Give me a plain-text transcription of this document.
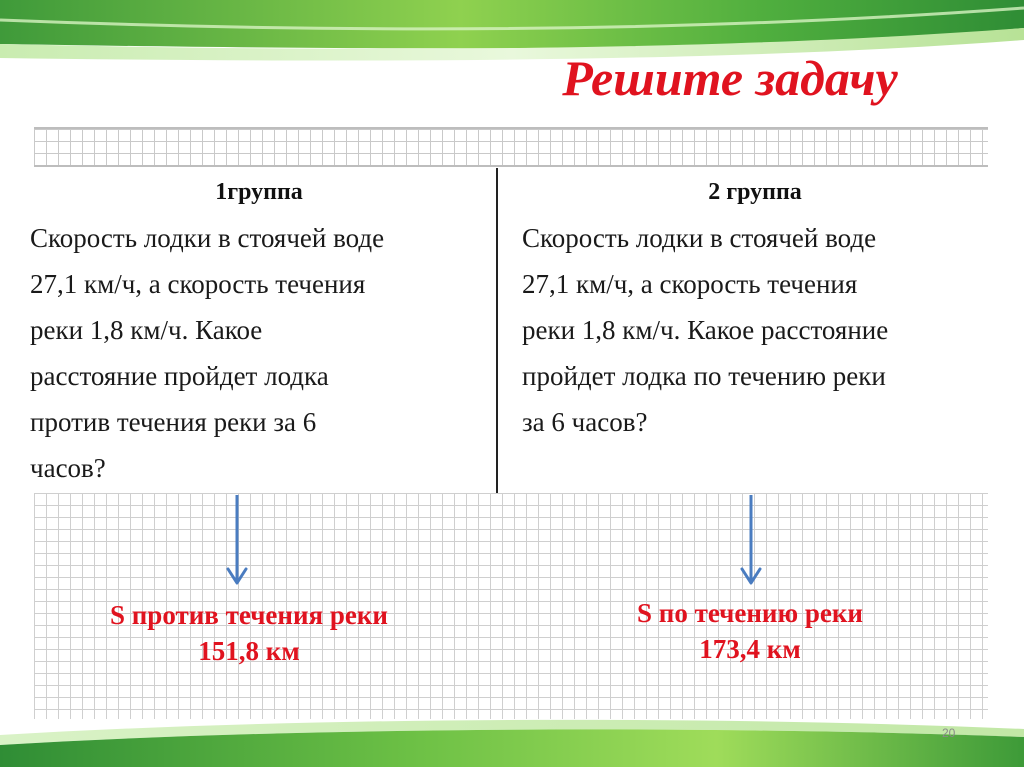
Решите задачу
1группа	2 группа
Скорость лодки в стоячей воде
27,1 км/ч, а скорость течения
реки 1,8 км/ч. Какое
расстояние пройдет лодка
против течения реки за 6
часов?
Скорость лодки в стоячей воде
27,1 км/ч, а скорость течения
реки 1,8 км/ч. Какое расстояние
пройдет лодка по течению реки
за 6 часов?
S против течения реки
151,8 км
S по течению реки
173,4 км
20
